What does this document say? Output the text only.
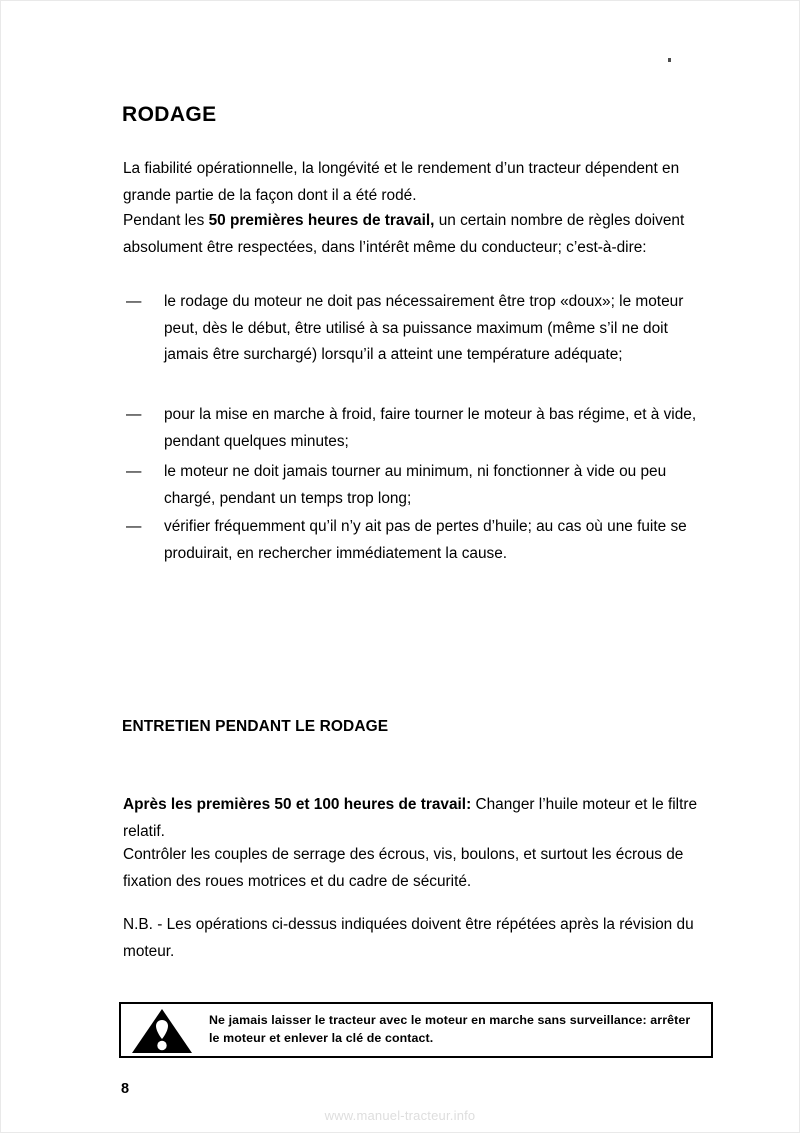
RODAGE

La fiabilité opérationnelle, la longévité et le rendement d’un tracteur dépendent en grande partie de la façon dont il a été rodé.

Pendant les 50 premières heures de travail, un certain nombre de règles doivent absolument être respectées, dans l’intérêt même du conducteur; c’est-à-dire:

—	le rodage du moteur ne doit pas nécessairement être trop «doux»; le moteur peut, dès le début, être utilisé à sa puissance maximum (même s’il ne doit jamais être surchargé) lorsqu’il a atteint une température adéquate;
—	pour la mise en marche à froid, faire tourner le moteur à bas régime, et à vide, pendant quelques minutes;
—	le moteur ne doit jamais tourner au minimum, ni fonctionner à vide ou peu chargé, pendant un temps trop long;
—	vérifier fréquemment qu’il n’y ait pas de pertes d’huile; au cas où une fuite se produirait, en rechercher immédiatement la cause.
ENTRETIEN PENDANT LE RODAGE

Après les premières 50 et 100 heures de travail: Changer l’huile moteur et le filtre relatif.

Contrôler les couples de serrage des écrous, vis, boulons, et surtout les écrous de fixation des roues motrices et du cadre de sécurité.

N.B. - Les opérations ci-dessus indiquées doivent être répétées après la révision du moteur.

Ne jamais laisser le tracteur avec le moteur en marche sans surveillance: arrêter le moteur et enlever la clé de contact.
8
www.manuel-tracteur.info
